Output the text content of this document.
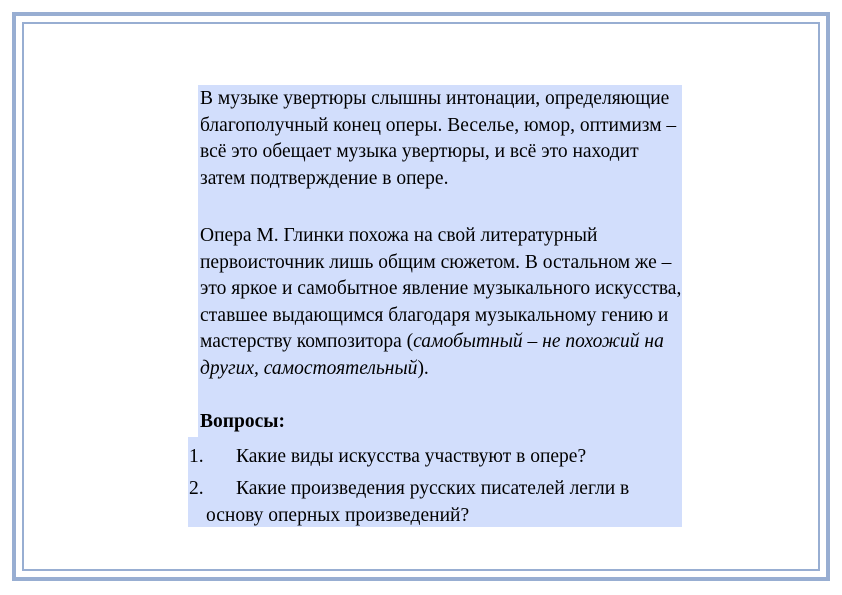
В музыке увертюры слышны интонации, определяющие благополучный конец оперы. Веселье, юмор, оптимизм – всё это обещает музыка увертюры, и всё это находит затем подтверждение в опере.

Опера М. Глинки похожа на свой литературный первоисточник лишь общим сюжетом. В остальном же – это яркое и самобытное явление музыкального искусства, ставшее выдающимся благодаря музыкальному гению и мастерству композитора (самобытный – не похожий на других, самостоятельный).

Вопросы:
1. Какие виды искусства участвуют в опере?
2. Какие произведения русских писателей легли в
основу оперных произведений?
